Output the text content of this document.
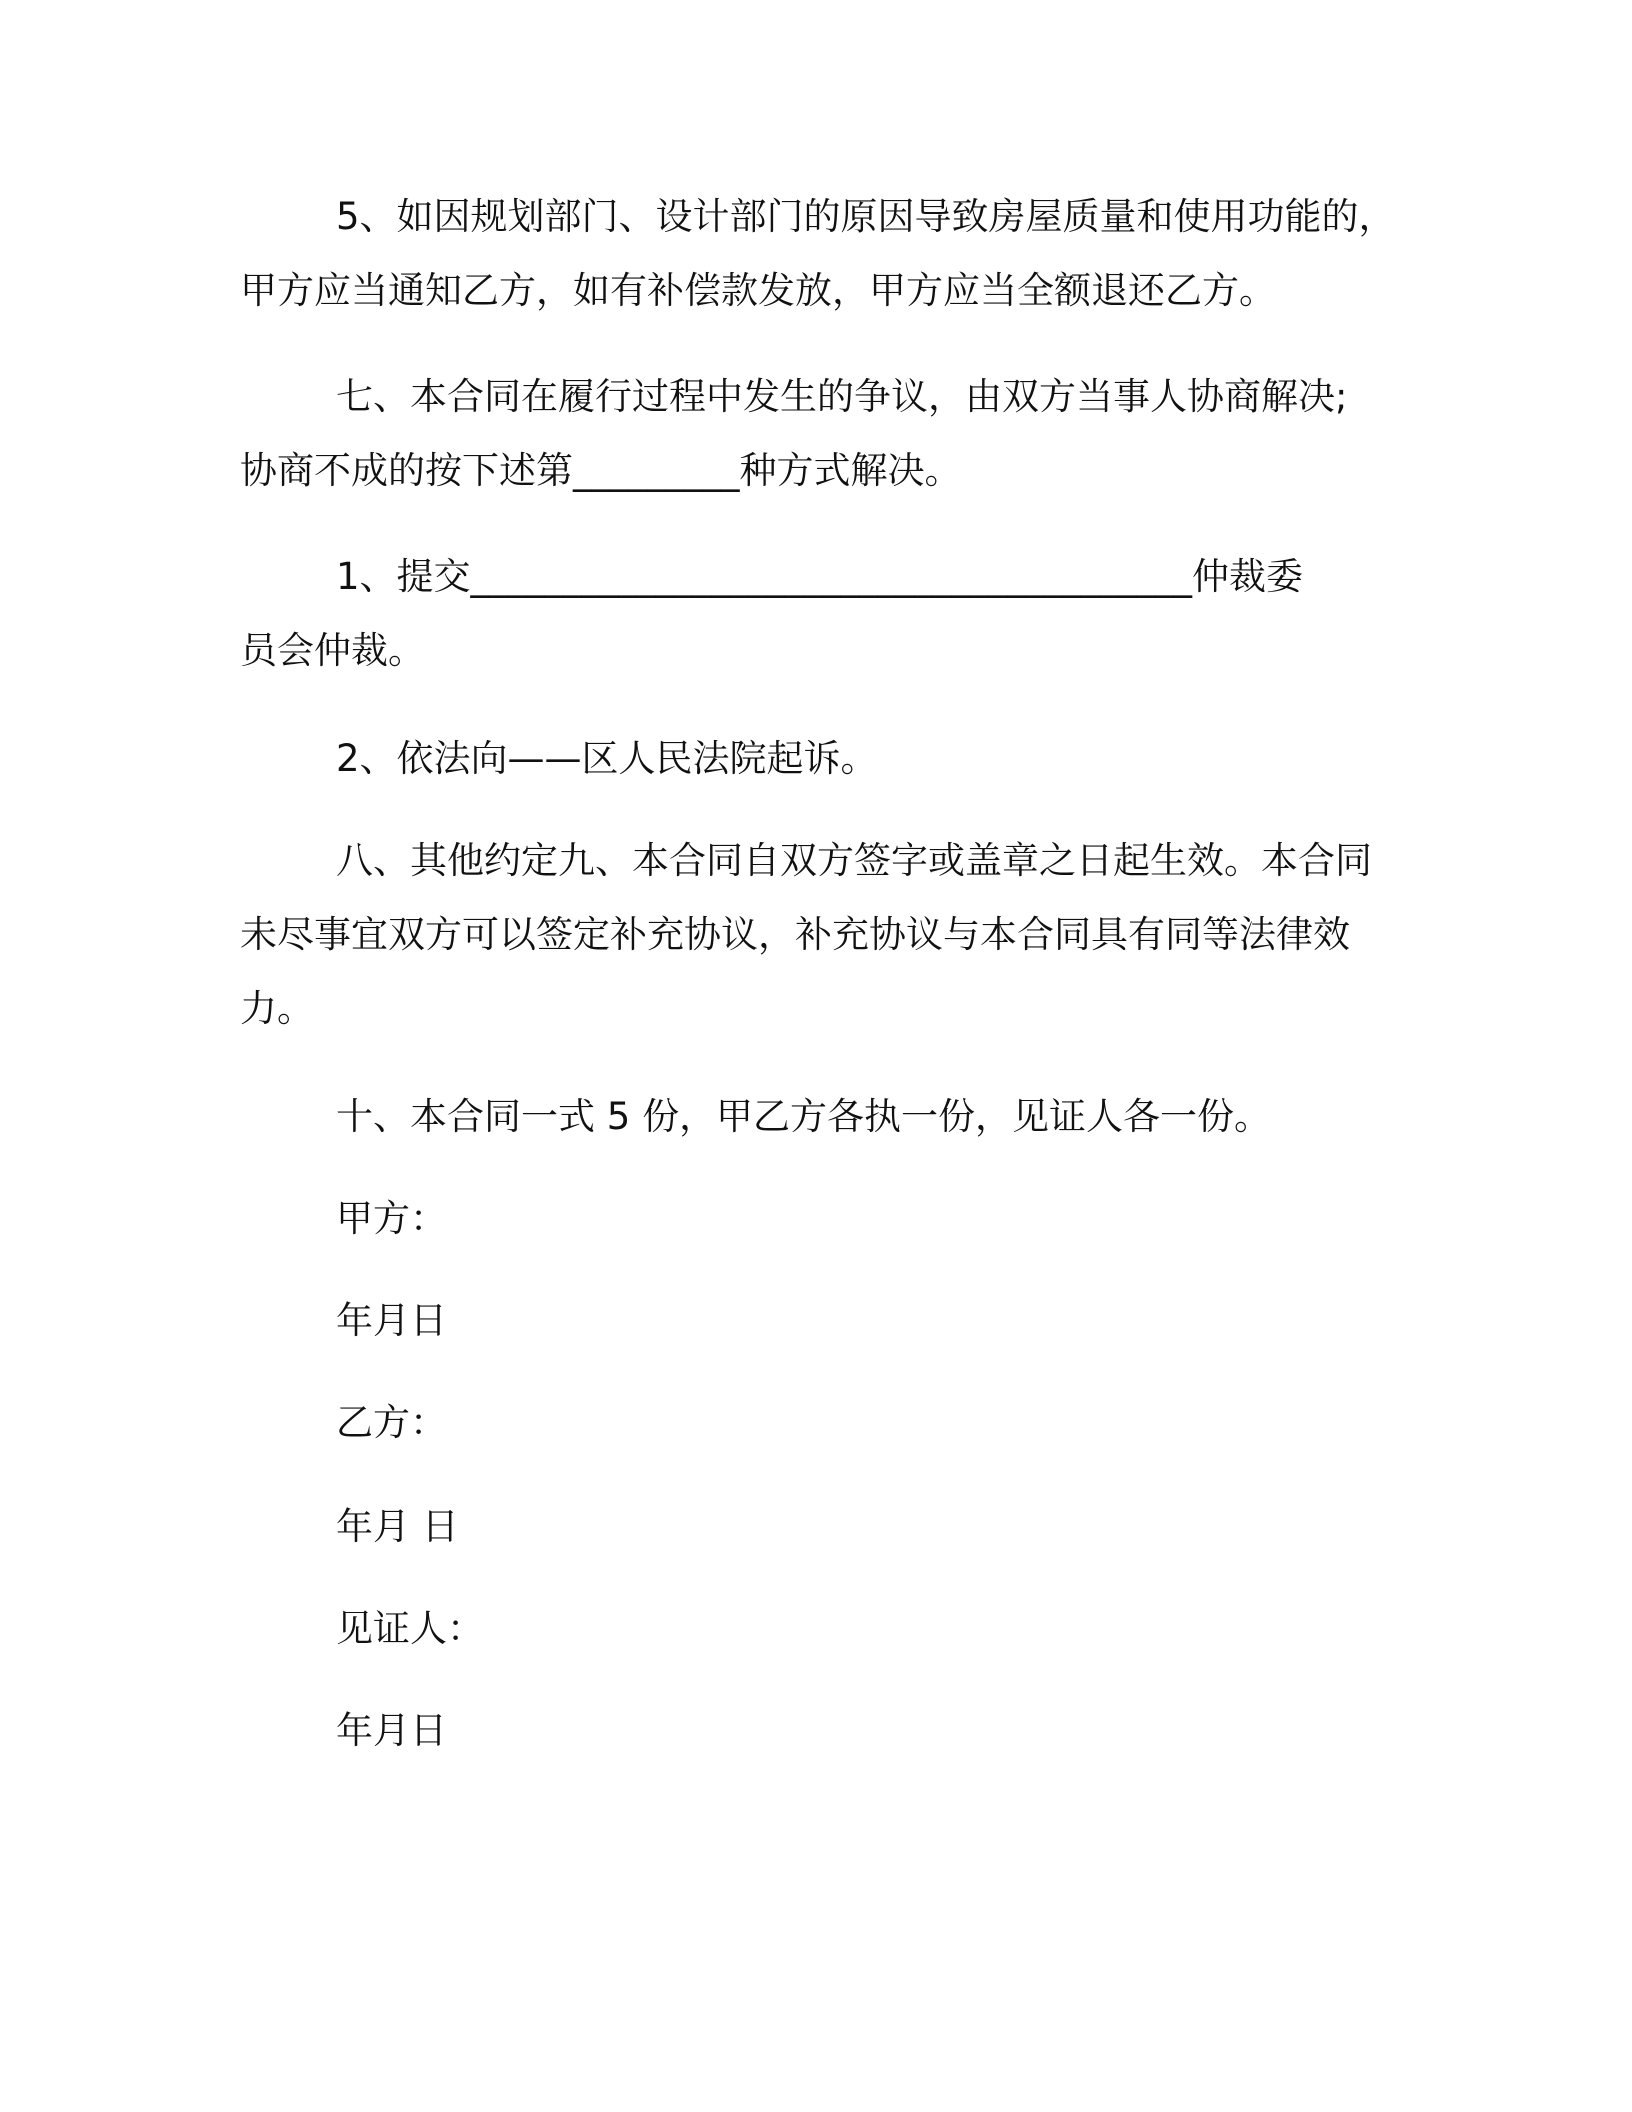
5、如因规划部门、设计部门的原因导致房屋质量和使用功能的，
甲方应当通知乙方，如有补偿款发放，甲方应当全额退还乙方。
七、本合同在履行过程中发生的争议，由双方当事人协商解决;
协商不成的按下述第_________种方式解决。
1、提交_______________________________________仲裁委
员会仲裁。
2、依法向——区人民法院起诉。
八、其他约定九、本合同自双方签字或盖章之日起生效。本合同
未尽事宜双方可以签定补充协议，补充协议与本合同具有同等法律效
力。
十、本合同一式 5 份，甲乙方各执一份，见证人各一份。

甲方：

年月日

乙方：

年月 日

见证人：

年月日
